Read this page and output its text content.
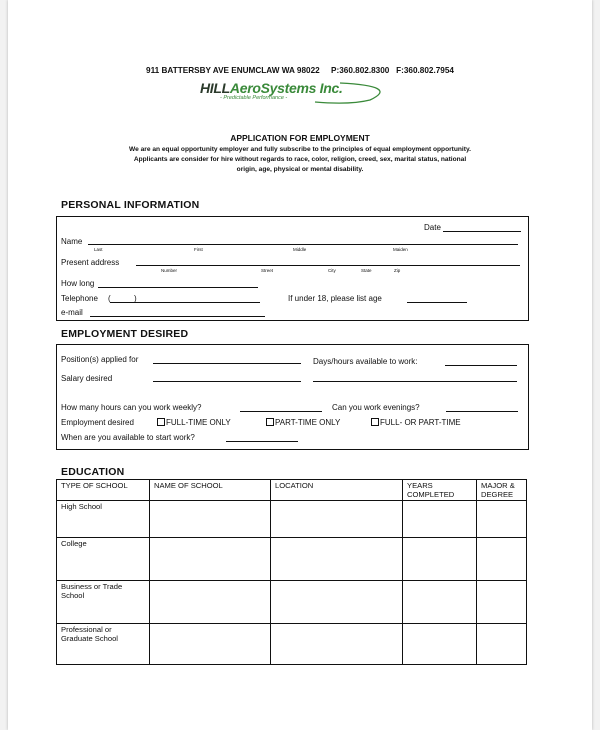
911 BATTERSBY AVE ENUMCLAW WA 98022     P:360.802.8300   F:360.802.7954
HILLAeroSystems Inc.
- Predictable Performance -
APPLICATION FOR EMPLOYMENT
We are an equal opportunity employer and fully subscribe to the principles of equal employment opportunity.
Applicants are consider for hire without regards to race, color, religion, creed, sex, marital status, national
origin, age, physical or mental disability.
PERSONAL INFORMATION
Date
Name
Last	First	Middle	Maiden
Present address
Number	Street	City	State	Zip
How long
Telephone (	)	If under 18, please list age
e-mail
EMPLOYMENT DESIRED
Position(s) applied for	Days/hours available to work:
Salary desired
How many hours can you work weekly?	Can you work evenings?
Employment desired	FULL-TIME ONLY	PART-TIME ONLY	FULL- OR PART-TIME
When are you available to start work?
EDUCATION
TYPE OF SCHOOL	NAME OF SCHOOL	LOCATION	YEARS COMPLETED	MAJOR & DEGREE
High School				
College				
Business or Trade School				
Professional or Graduate School				
